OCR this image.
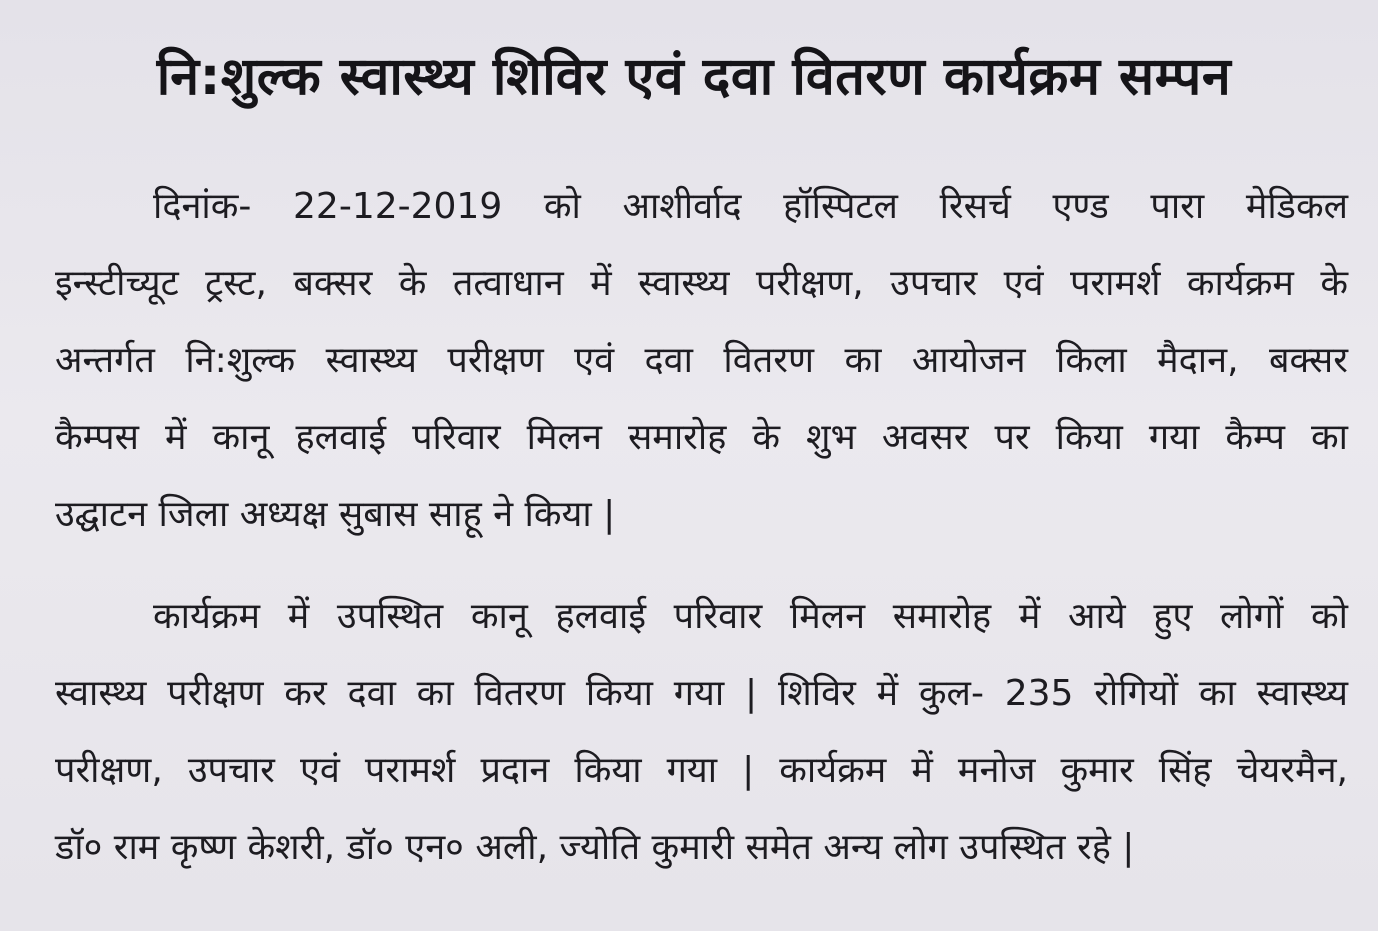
नि:शुल्क स्वास्थ्य शिविर एवं दवा वितरण कार्यक्रम सम्पन
दिनांक- 22-12-2019 को आशीर्वाद हॉस्पिटल रिसर्च एण्ड पारा मेडिकल
इन्स्टीच्यूट ट्रस्ट, बक्सर के तत्वाधान में स्वास्थ्य परीक्षण, उपचार एवं परामर्श कार्यक्रम के
अन्तर्गत नि:शुल्क स्वास्थ्य परीक्षण एवं दवा वितरण का आयोजन किला मैदान, बक्सर
कैम्पस में कानू हलवाई परिवार मिलन समारोह के शुभ अवसर पर किया गया कैम्प का
उद्घाटन जिला अध्यक्ष सुबास साहू ने किया |
कार्यक्रम में उपस्थित कानू हलवाई परिवार मिलन समारोह में आये हुए लोगों को
स्वास्थ्य परीक्षण कर दवा का वितरण किया गया | शिविर में कुल- 235 रोगियों का स्वास्थ्य
परीक्षण, उपचार एवं परामर्श प्रदान किया गया | कार्यक्रम में मनोज कुमार सिंह चेयरमैन,
डॉ० राम कृष्ण केशरी, डॉ० एन० अली, ज्योति कुमारी समेत अन्य लोग उपस्थित रहे |
